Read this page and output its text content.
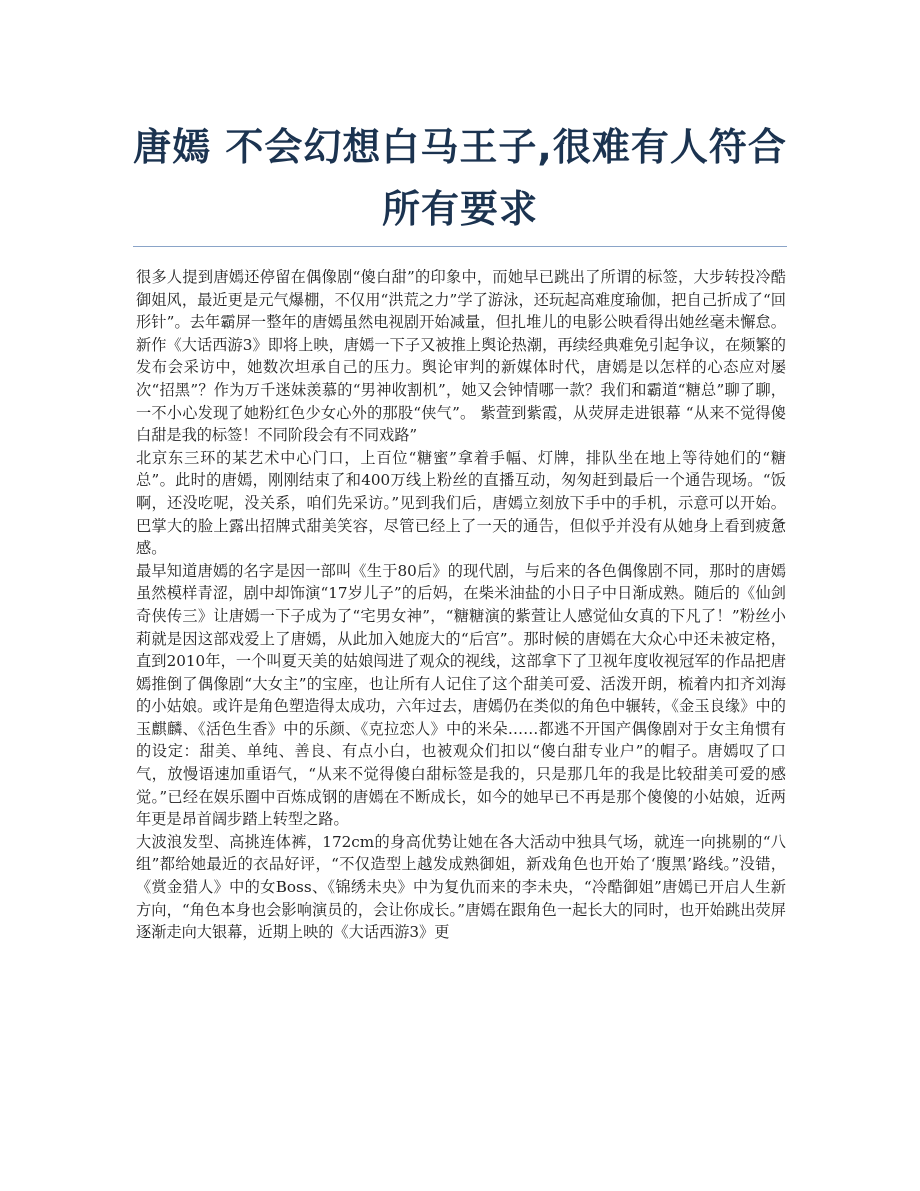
唐嫣 不会幻想白马王子,很难有人符合所有要求

很多人提到唐嫣还停留在偶像剧“傻白甜”的印象中，而她早已跳出了所谓的标签，大步转投冷酷御姐风，最近更是元气爆棚，不仅用“洪荒之力”学了游泳，还玩起高难度瑜伽，把自己折成了“回形针”。去年霸屏一整年的唐嫣虽然电视剧开始减量，但扎堆儿的电影公映看得出她丝毫未懈怠。新作《大话西游3》即将上映，唐嫣一下子又被推上舆论热潮，再续经典难免引起争议，在频繁的发布会采访中，她数次坦承自己的压力。舆论审判的新媒体时代，唐嫣是以怎样的心态应对屡次“招黑”？作为万千迷妹羡慕的“男神收割机”，她又会钟情哪一款？我们和霸道“糖总”聊了聊，一不小心发现了她粉红色少女心外的那股“侠气”。 紫萱到紫霞，从荧屏走进银幕 “从来不觉得傻白甜是我的标签！不同阶段会有不同戏路”

北京东三环的某艺术中心门口，上百位“糖蜜”拿着手幅、灯牌，排队坐在地上等待她们的“糖总”。此时的唐嫣，刚刚结束了和400万线上粉丝的直播互动，匆匆赶到最后一个通告现场。“饭啊，还没吃呢，没关系，咱们先采访。”见到我们后，唐嫣立刻放下手中的手机，示意可以开始。巴掌大的脸上露出招牌式甜美笑容，尽管已经上了一天的通告，但似乎并没有从她身上看到疲惫感。

最早知道唐嫣的名字是因一部叫《生于80后》的现代剧，与后来的各色偶像剧不同，那时的唐嫣虽然模样青涩，剧中却饰演“17岁儿子”的后妈，在柴米油盐的小日子中日渐成熟。随后的《仙剑奇侠传三》让唐嫣一下子成为了“宅男女神”，“糖糖演的紫萱让人感觉仙女真的下凡了！”粉丝小莉就是因这部戏爱上了唐嫣，从此加入她庞大的“后宫”。那时候的唐嫣在大众心中还未被定格，直到2010年，一个叫夏天美的姑娘闯进了观众的视线，这部拿下了卫视年度收视冠军的作品把唐嫣推倒了偶像剧“大女主”的宝座，也让所有人记住了这个甜美可爱、活泼开朗，梳着内扣齐刘海的小姑娘。或许是角色塑造得太成功，六年过去，唐嫣仍在类似的角色中辗转，《金玉良缘》中的玉麒麟、《活色生香》中的乐颜、《克拉恋人》中的米朵……都逃不开国产偶像剧对于女主角惯有的设定：甜美、单纯、善良、有点小白，也被观众们扣以“傻白甜专业户”的帽子。唐嫣叹了口气，放慢语速加重语气，“从来不觉得傻白甜标签是我的，只是那几年的我是比较甜美可爱的感觉。”已经在娱乐圈中百炼成钢的唐嫣在不断成长，如今的她早已不再是那个傻傻的小姑娘，近两年更是昂首阔步踏上转型之路。

大波浪发型、高挑连体裤，172cm的身高优势让她在各大活动中独具气场，就连一向挑剔的“八组”都给她最近的衣品好评，“不仅造型上越发成熟御姐，新戏角色也开始了‘腹黑’路线。”没错，《赏金猎人》中的女Boss、《锦绣未央》中为复仇而来的李未央，“冷酷御姐”唐嫣已开启人生新方向，“角色本身也会影响演员的，会让你成长。”唐嫣在跟角色一起长大的同时，也开始跳出荧屏逐渐走向大银幕，近期上映的《大话西游3》更
